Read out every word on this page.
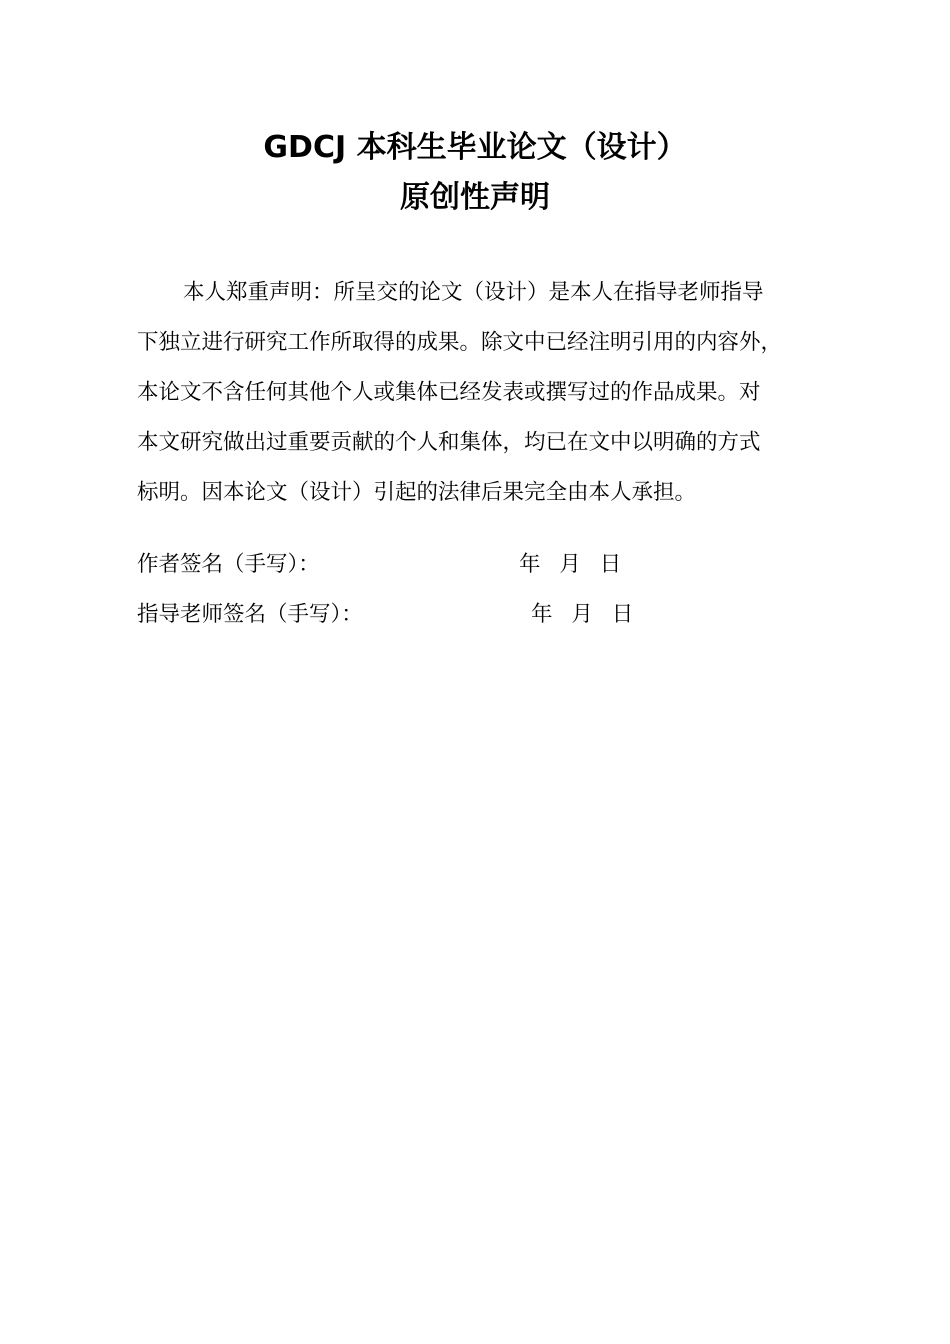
GDCJ 本科生毕业论文（设计）
原创性声明
本人郑重声明：所呈交的论文（设计）是本人在指导老师指导
下独立进行研究工作所取得的成果。除文中已经注明引用的内容外，
本论文不含任何其他个人或集体已经发表或撰写过的作品成果。对
本文研究做出过重要贡献的个人和集体，均已在文中以明确的方式
标明。因本论文（设计）引起的法律后果完全由本人承担。
作者签名（手写）：	年 月 日
指导老师签名（手写）：	年 月 日
